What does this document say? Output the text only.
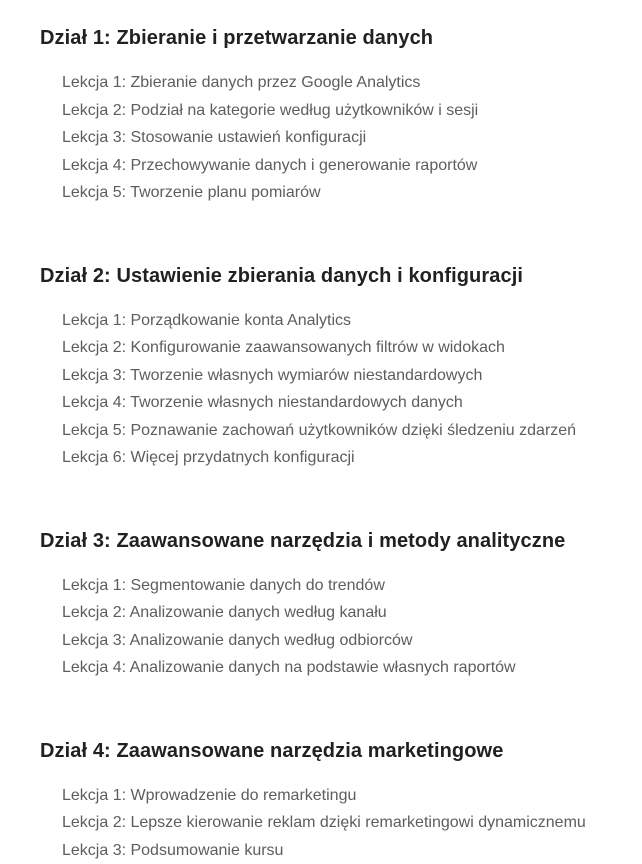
Dział 1: Zbieranie i przetwarzanie danych
Lekcja 1: Zbieranie danych przez Google Analytics
Lekcja 2: Podział na kategorie według użytkowników i sesji
Lekcja 3: Stosowanie ustawień konfiguracji
Lekcja 4: Przechowywanie danych i generowanie raportów
Lekcja 5: Tworzenie planu pomiarów
Dział 2: Ustawienie zbierania danych i konfiguracji
Lekcja 1: Porządkowanie konta Analytics
Lekcja 2: Konfigurowanie zaawansowanych filtrów w widokach
Lekcja 3: Tworzenie własnych wymiarów niestandardowych
Lekcja 4: Tworzenie własnych niestandardowych danych
Lekcja 5: Poznawanie zachowań użytkowników dzięki śledzeniu zdarzeń
Lekcja 6: Więcej przydatnych konfiguracji
Dział 3: Zaawansowane narzędzia i metody analityczne
Lekcja 1: Segmentowanie danych do trendów
Lekcja 2: Analizowanie danych według kanału
Lekcja 3: Analizowanie danych według odbiorców
Lekcja 4: Analizowanie danych na podstawie własnych raportów
Dział 4: Zaawansowane narzędzia marketingowe
Lekcja 1: Wprowadzenie do remarketingu
Lekcja 2: Lepsze kierowanie reklam dzięki remarketingowi dynamicznemu
Lekcja 3: Podsumowanie kursu
